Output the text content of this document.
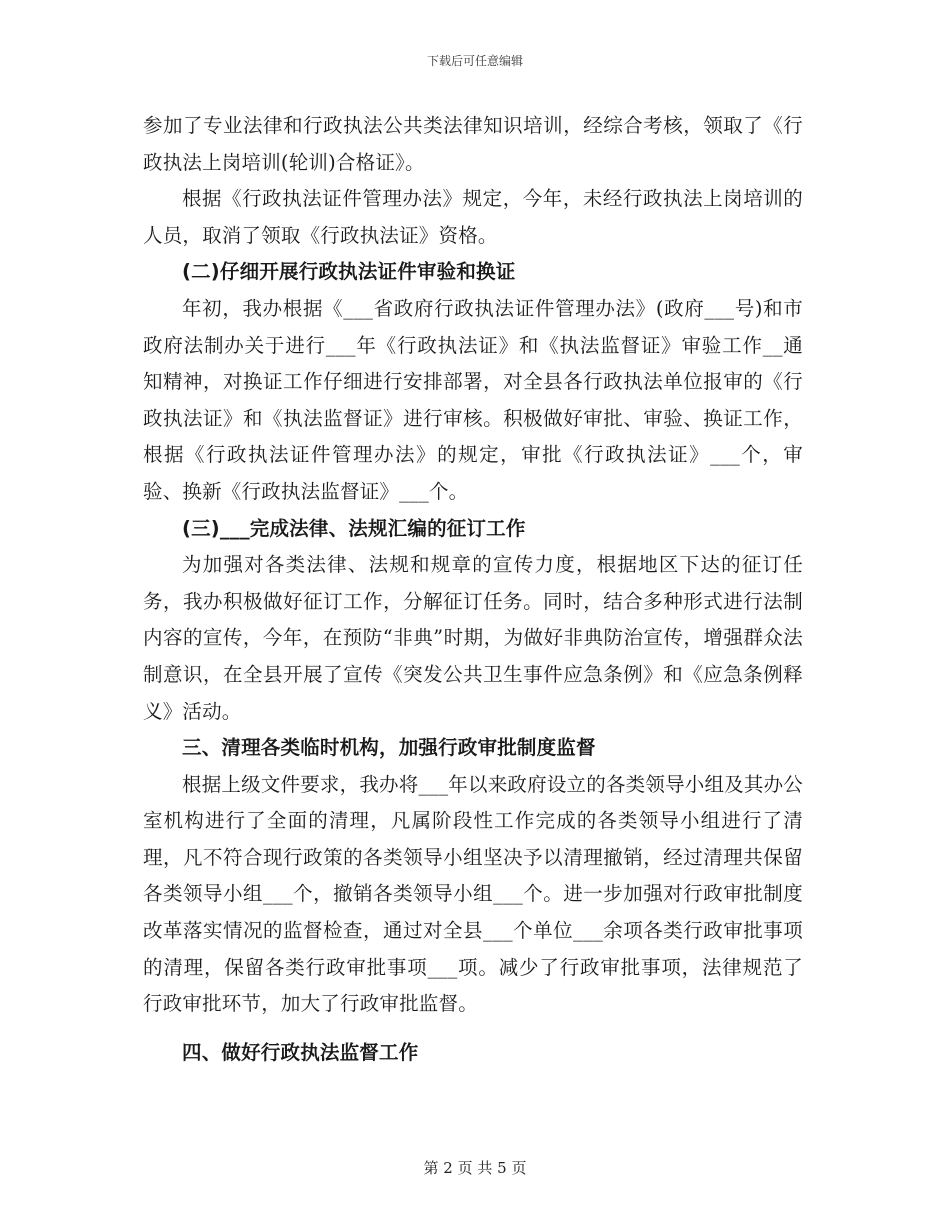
下载后可任意编辑

参加了专业法律和行政执法公共类法律知识培训，经综合考核，领取了《行政执法上岗培训(轮训)合格证》。

根据《行政执法证件管理办法》规定，今年，未经行政执法上岗培训的人员，取消了领取《行政执法证》资格。

(二)仔细开展行政执法证件审验和换证

年初，我办根据《___省政府行政执法证件管理办法》(政府___号)和市政府法制办关于进行___年《行政执法证》和《执法监督证》审验工作__通知精神，对换证工作仔细进行安排部署，对全县各行政执法单位报审的《行政执法证》和《执法监督证》进行审核。积极做好审批、审验、换证工作，根据《行政执法证件管理办法》的规定，审批《行政执法证》___个，审验、换新《行政执法监督证》___个。

(三)___完成法律、法规汇编的征订工作

为加强对各类法律、法规和规章的宣传力度，根据地区下达的征订任务，我办积极做好征订工作，分解征订任务。同时，结合多种形式进行法制内容的宣传，今年，在预防“非典”时期，为做好非典防治宣传，增强群众法制意识，在全县开展了宣传《突发公共卫生事件应急条例》和《应急条例释义》活动。

三、清理各类临时机构，加强行政审批制度监督

根据上级文件要求，我办将___年以来政府设立的各类领导小组及其办公室机构进行了全面的清理，凡属阶段性工作完成的各类领导小组进行了清理，凡不符合现行政策的各类领导小组坚决予以清理撤销，经过清理共保留各类领导小组___个，撤销各类领导小组___个。进一步加强对行政审批制度改革落实情况的监督检查，通过对全县___个单位___余项各类行政审批事项的清理，保留各类行政审批事项___项。减少了行政审批事项，法律规范了行政审批环节，加大了行政审批监督。

四、做好行政执法监督工作

第 2 页 共 5 页
